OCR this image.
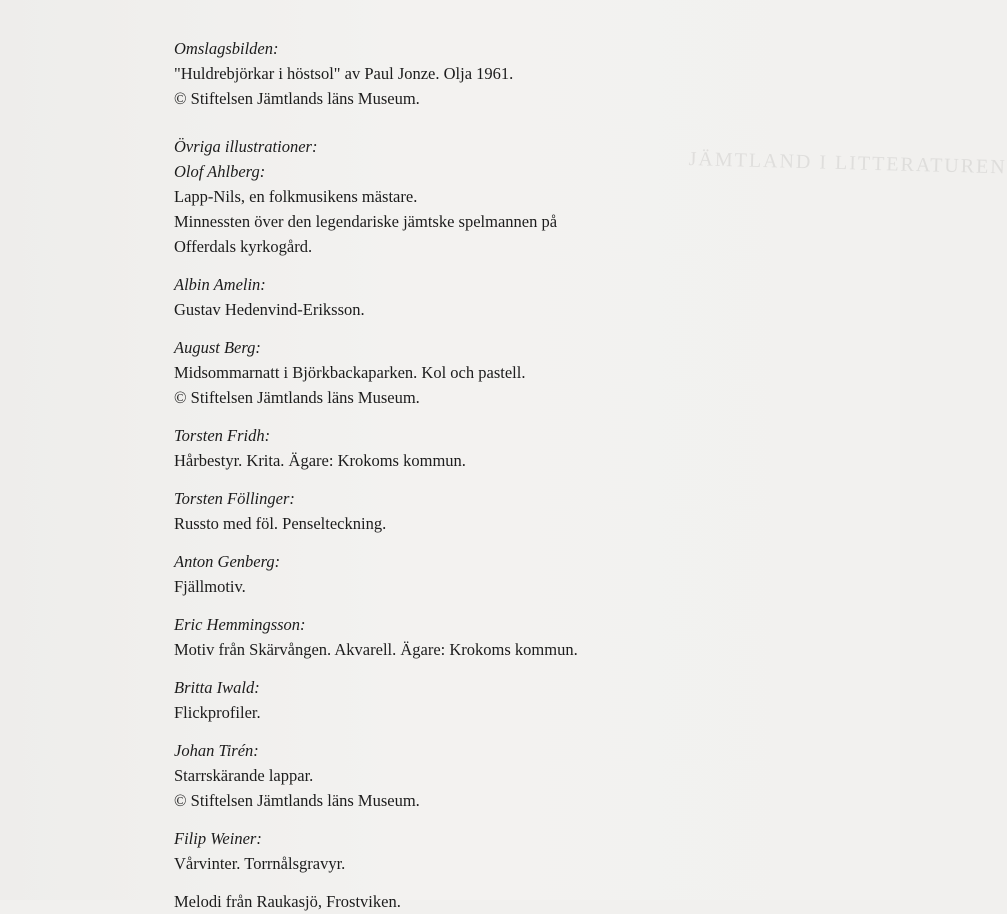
JÄMTLAND I LITTERATUREN
Omslagsbilden:
"Huldrebjörkar i höstsol" av Paul Jonze. Olja 1961.
© Stiftelsen Jämtlands läns Museum.
Övriga illustrationer:
Olof Ahlberg:
Lapp-Nils, en folkmusikens mästare.
Minnessten över den legendariske jämtske spelmannen på
Offerdals kyrkogård.
Albin Amelin:
Gustav Hedenvind-Eriksson.
August Berg:
Midsommarnatt i Björkbackaparken. Kol och pastell.
© Stiftelsen Jämtlands läns Museum.
Torsten Fridh:
Hårbestyr. Krita. Ägare: Krokoms kommun.
Torsten Föllinger:
Russto med föl. Penselteckning.
Anton Genberg:
Fjällmotiv.
Eric Hemmingsson:
Motiv från Skärvången. Akvarell. Ägare: Krokoms kommun.
Britta Iwald:
Flickprofiler.
Johan Tirén:
Starrskärande lappar.
© Stiftelsen Jämtlands läns Museum.
Filip Weiner:
Vårvinter. Torrnålsgravyr.
Melodi från Raukasjö, Frostviken.
